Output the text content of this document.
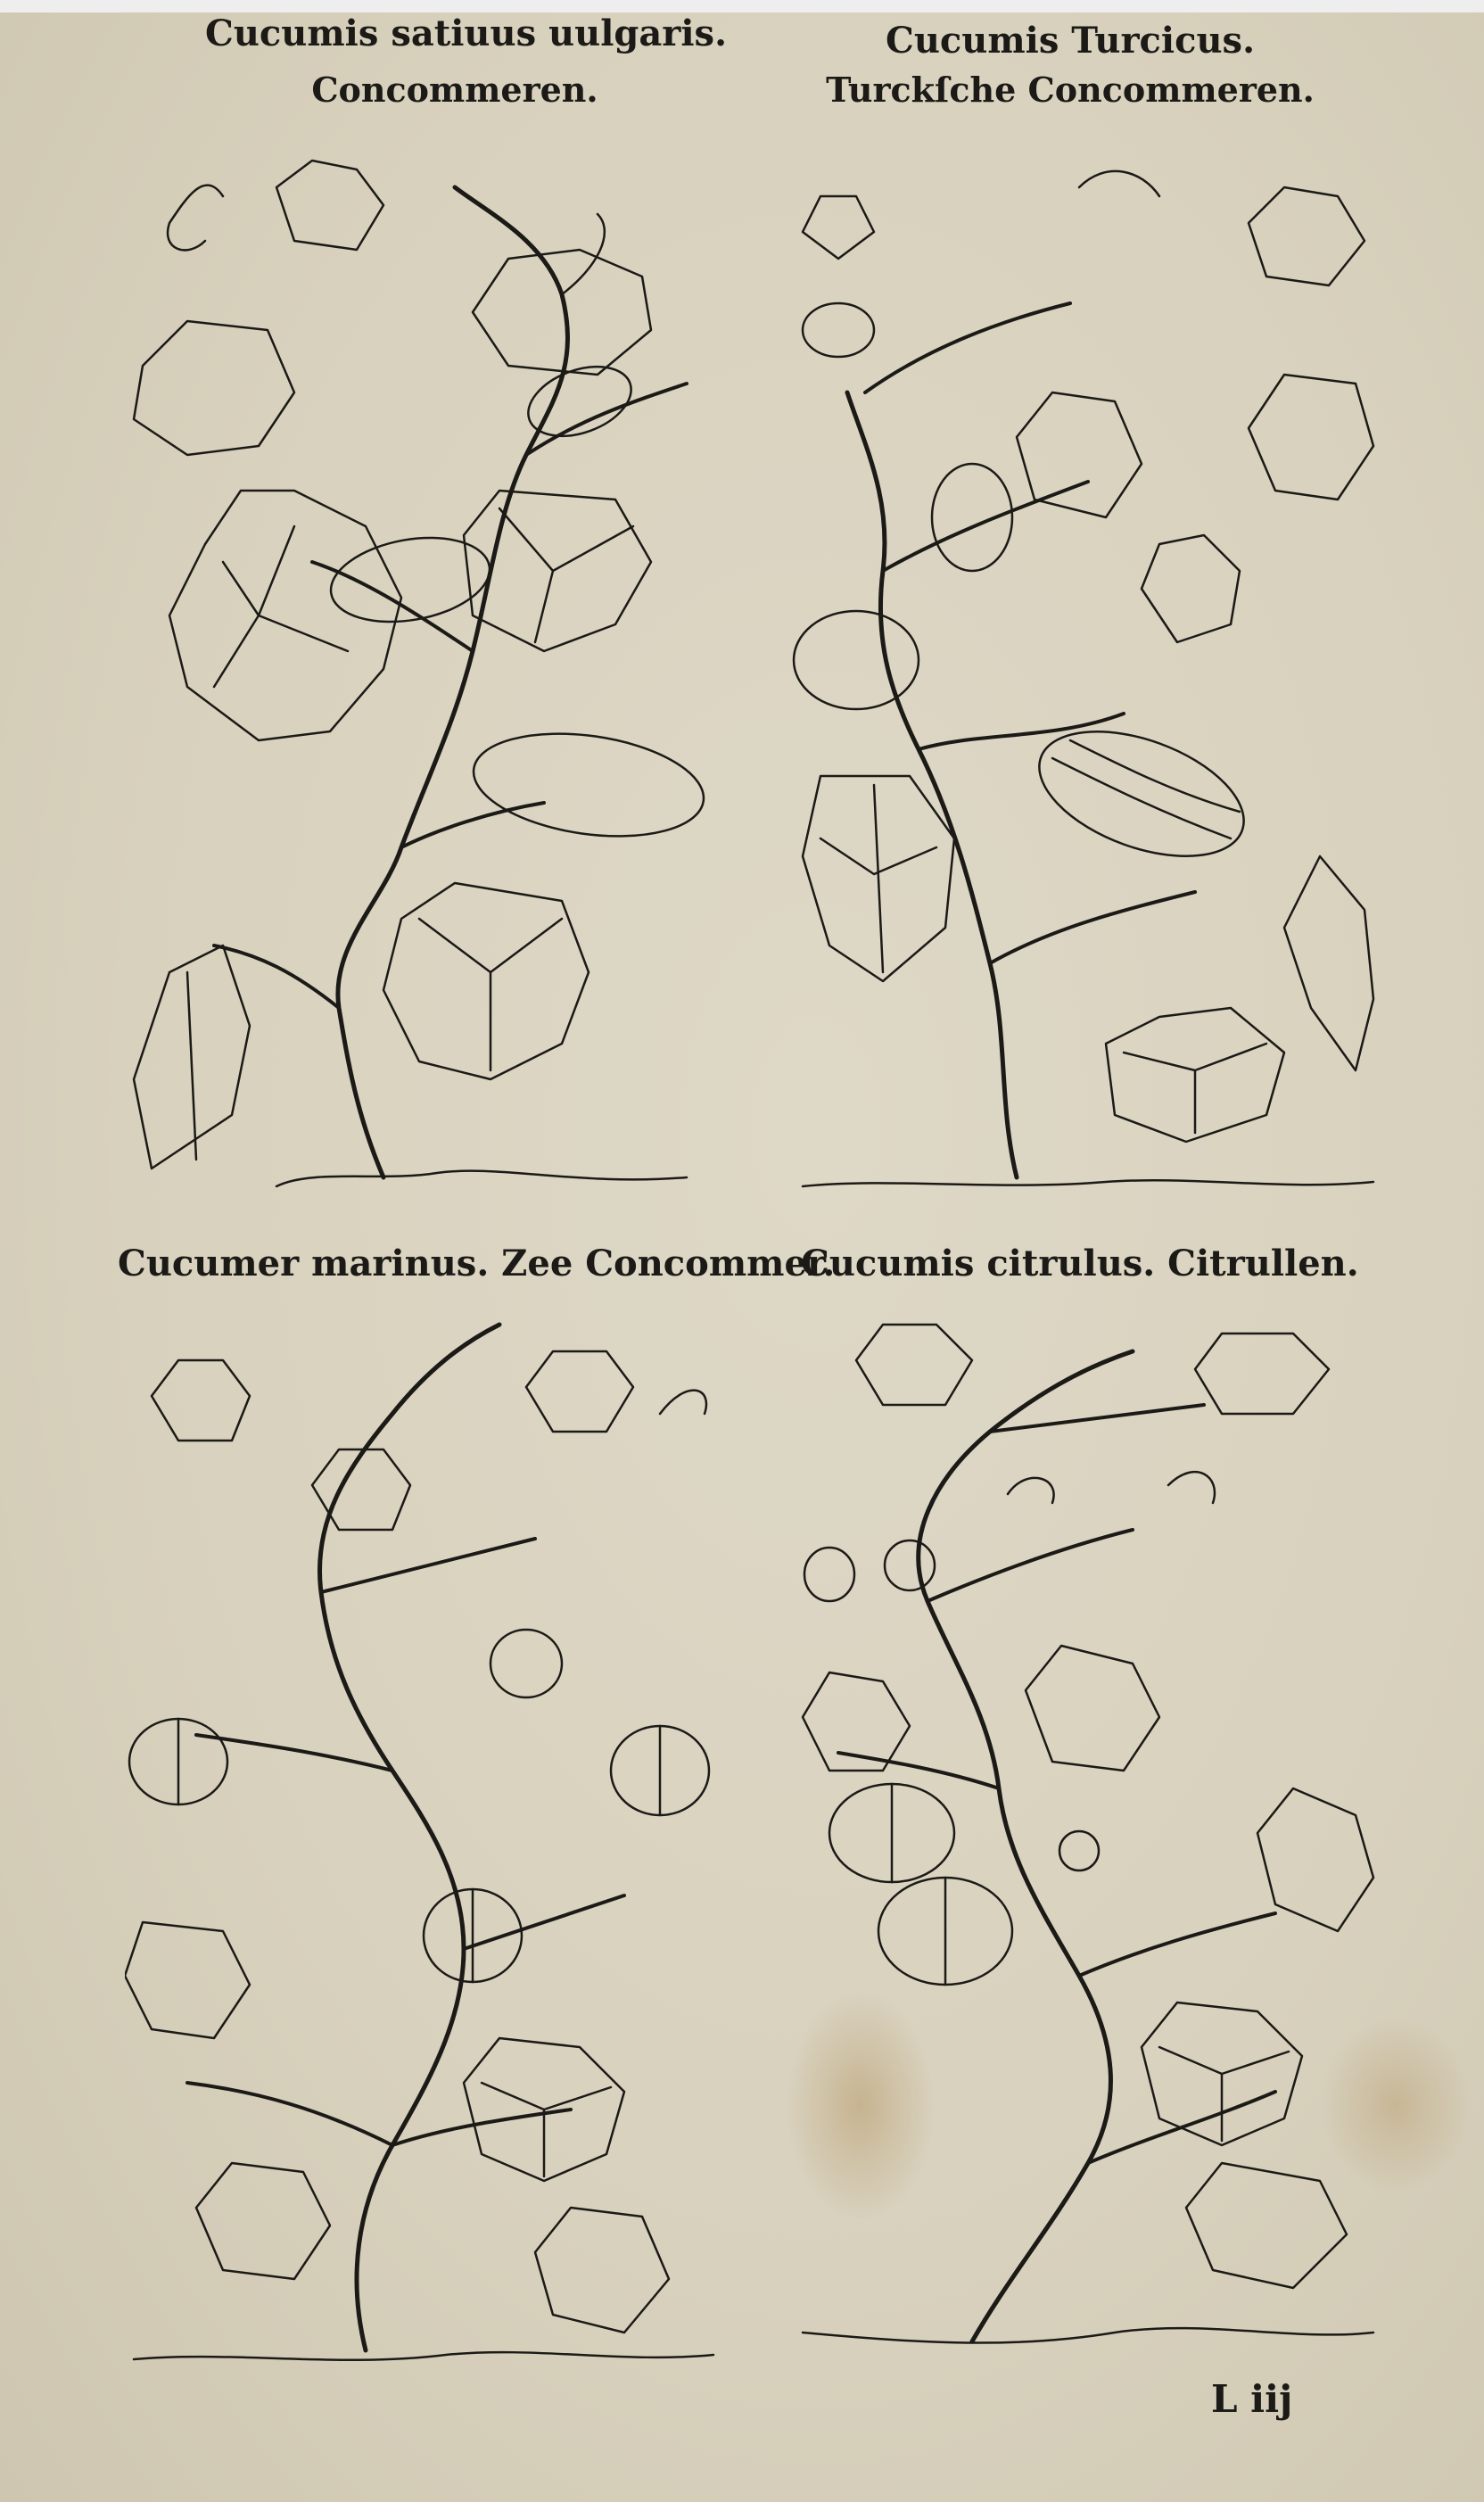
Cucumis satiuus uulgaris.
Concommeren.
Cucumis Turcicus.
Turckſche Concommeren.
Cucumer marinus. Zee Concommer.
Cucumis citrulus. Citrullen.
L iij
